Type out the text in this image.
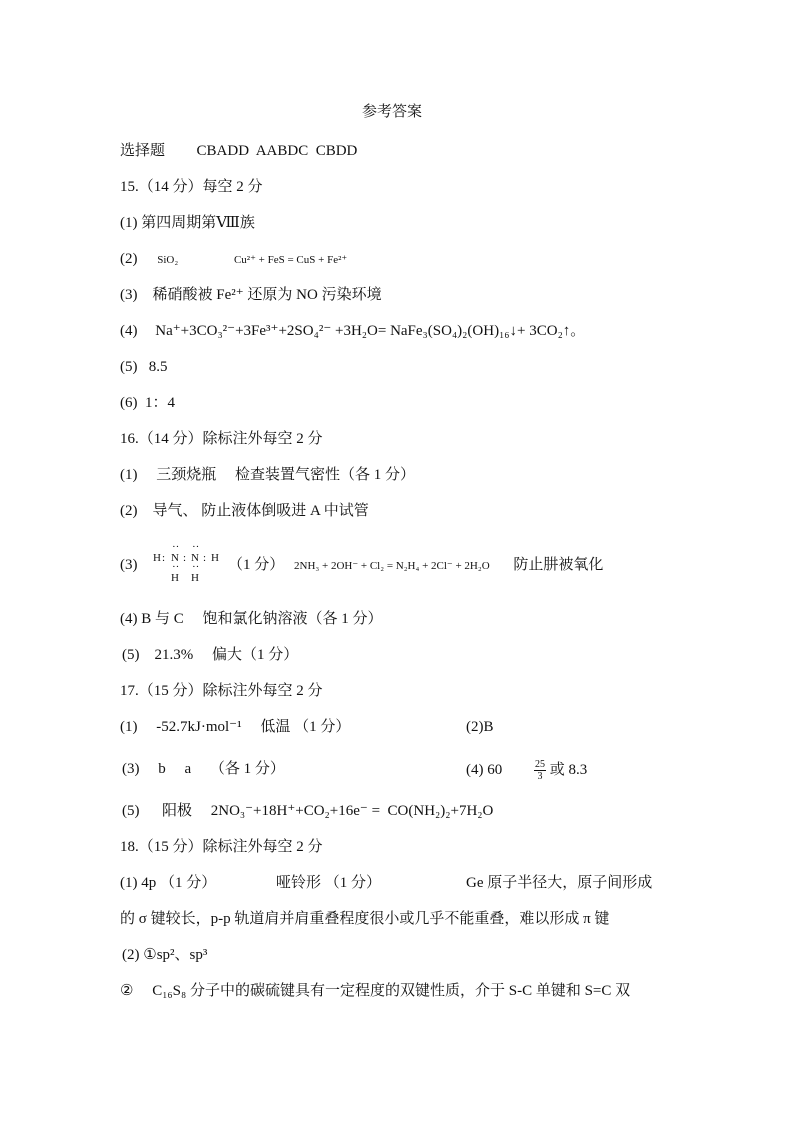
参考答案
选择题 CBADD  AABDC  CBDD
15.（14 分）每空 2 分
(1) 第四周期第Ⅷ族
(2) SiO₂	Cu²⁺ + FeS = CuS + Fe²⁺
(3)    稀硝酸被 Fe²⁺ 还原为 NO 污染环境
(4) Na⁺+3CO₃²⁻+3Fe³⁺+2SO₄²⁻ +3H₂O= NaFe₃(SO₄)₂(OH)₁₆↓+ 3CO₂↑。
(5)   8.5
(6)  1：4
16.（14 分）除标注外每空 2 分
(1)     三颈烧瓶     检查装置气密性（各 1 分）
(2)    导气、 防止液体倒吸进 A 中试管
(3) H : N : N : H
·· ··
·· ··
H H
（1 分） 2NH₃ + 2OH⁻ + Cl₂ = N₂H₄ + 2Cl⁻ + 2H₂O 防止肼被氧化
(4) B 与 C     饱和氯化钠溶液（各 1 分）
(5)    21.3%     偏大（1 分）
17.（15 分）除标注外每空 2 分
(1)     -52.7kJ·mol⁻¹     低温 （1 分）	(2)B
(3)     b     a     （各 1 分）	(4) 60	$\frac{25}{3}$ 或 8.3
(5)      阳极     2NO₃⁻+18H⁺+CO₂+16e⁻ =  CO(NH₂)₂+7H₂O
18.（15 分）除标注外每空 2 分
(1) 4p （1 分）	哑铃形 （1 分）	Ge 原子半径大，原子间形成
的 σ 键较长，p-p 轨道肩并肩重叠程度很小或几乎不能重叠，难以形成 π 键
(2) ①sp²、sp³
②     C₁₆S₈ 分子中的碳硫键具有一定程度的双键性质，介于 S-C 单键和 S=C 双
